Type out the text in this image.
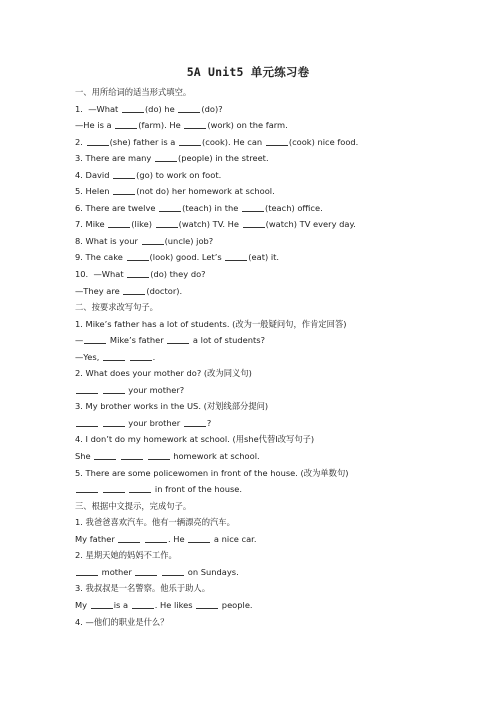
5A Unit5 单元练习卷
一、用所给词的适当形式填空。
1.  —What	(do) he	(do)?
—He is a	(farm). He	(work) on the farm.
2.	(she) father is a	(cook). He can	(cook) nice food.
3. There are many	(people) in the street.
4. David	(go) to work on foot.
5. Helen	(not do) her homework at school.
6. There are twelve	(teach) in the	(teach) office.
7. Mike	(like)	(watch) TV. He	(watch) TV every day.
8. What is your	(uncle) job?
9. The cake	(look) good. Let’s	(eat) it.
10.  —What	(do) they do?
—They are	(doctor).
二、按要求改写句子。
1. Mike’s father has a lot of students. (改为一般疑问句，作肯定回答)
—	Mike’s father	a lot of students?
—Yes,	.
2. What does your mother do? (改为同义句)
your mother?
3. My brother works in the US. (对划线部分提问)
your brother	?
4. I don’t do my homework at school. (用she代替I改写句子)
She	homework at school.
5. There are some policewomen in front of the house. (改为单数句)
in front of the house.
三、根据中文提示，完成句子。
1. 我爸爸喜欢汽车。他有一辆漂亮的汽车。
My father	. He	a nice car.
2. 星期天她的妈妈不工作。
mother	on Sundays.
3. 我叔叔是一名警察。他乐于助人。
My	is a	. He likes	people.
4. —他们的职业是什么？
